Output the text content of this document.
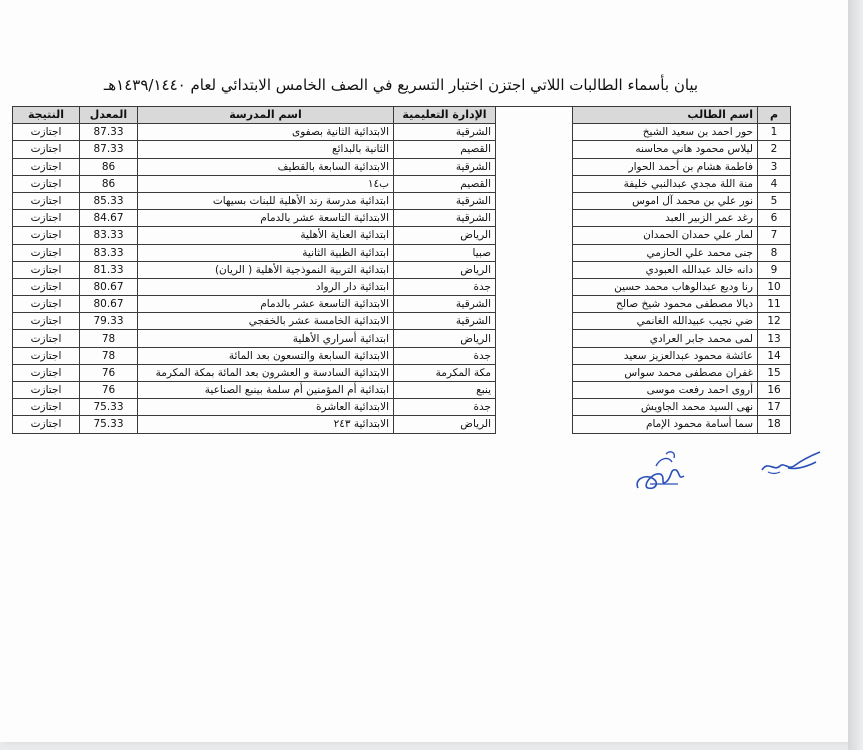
بيان بأسماء الطالبات اللاتي اجتزن اختبار التسريع في الصف الخامس الابتدائي لعام ١٤٣٩/١٤٤٠هـ
م	اسم الطالب		الإدارة التعليمية	اسم المدرسة	المعدل	النتيجة
1	حور احمد بن سعيد الشيخ		الشرقية	الابتدائية الثانية بصفوى	87.33	اجتازت
2	ليلاس محمود هاني محاسنه		القصيم	الثانية بالبدائع	87.33	اجتازت
3	فاطمة هشام بن أحمد الحوار		الشرقية	الابتدائية السابعة بالقطيف	86	اجتازت
4	منة اللة مجدي عبدالنبي خليفة		القصيم	ب١٤	86	اجتازت
5	نور علي بن محمد آل اموس		الشرقية	ابتدائية مدرسة رند الأهلية للبنات بسيهات	85.33	اجتازت
6	رغد عمر الزبير العبد		الشرقية	الابتدائية التاسعة عشر بالدمام	84.67	اجتازت
7	لمار علي حمدان الحمدان		الرياض	ابتدائية العناية الأهلية	83.33	اجتازت
8	جنى محمد علي الحازمي		صبيا	ابتدائية الظبية الثانية	83.33	اجتازت
9	دانه خالد عبدالله العبودي		الرياض	ابتدائية التربية النموذجية الأهلية ( الريان)	81.33	اجتازت
10	رنا وديع عبدالوهاب محمد حسين		جدة	ابتدائية دار الرواد	80.67	اجتازت
11	ديالا مصطفى محمود شيخ صالح		الشرقية	الابتدائية التاسعة عشر بالدمام	80.67	اجتازت
12	ضي نجيب عبيدالله الغانمي		الشرقية	الابتدائية الخامسة عشر بالخفجي	79.33	اجتازت
13	لمى محمد جابر العرادي		الرياض	ابتدائية أسراري الأهلية	78	اجتازت
14	عائشة محمود عبدالعزيز سعيد		جدة	الابتدائية السابعة والتسعون بعد المائة	78	اجتازت
15	غفران مصطفى محمد سواس		مكة المكرمة	الابتدائية السادسة و العشرون بعد المائة بمكة المكرمة	76	اجتازت
16	أروى احمد رفعت موسى		ينبع	ابتدائية أم المؤمنين أم سلمة بينبع الصناعية	76	اجتازت
17	نهى السيد محمد الجاويش		جدة	الابتدائية العاشرة	75.33	اجتازت
18	سما أسامة محمود الإمام		الرياض	الابتدائية ٢٤٣	75.33	اجتازت
